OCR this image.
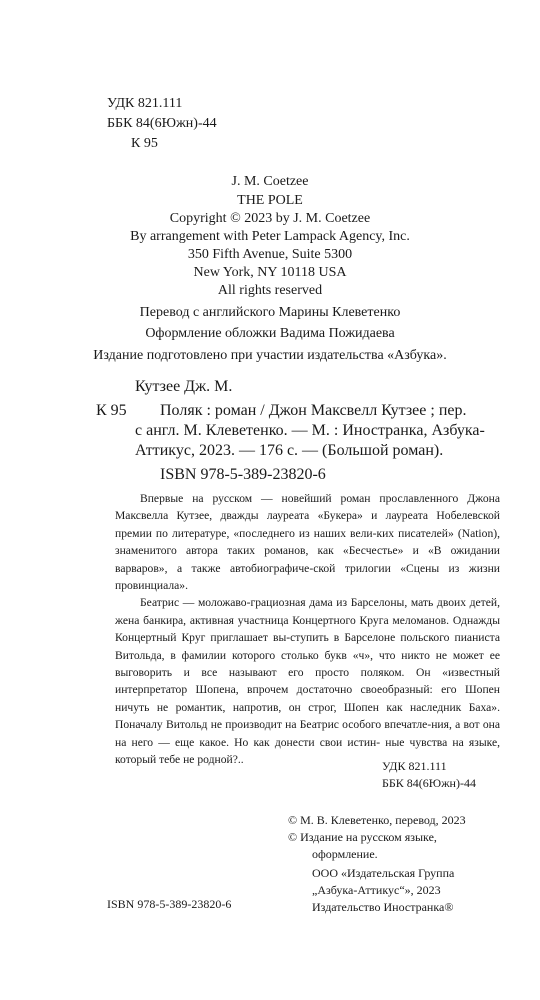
УДК 821.111
ББК 84(6Южн)-44
К 95
J. M. Coetzee
THE POLE
Copyright © 2023 by J. M. Coetzee
By arrangement with Peter Lampack Agency, Inc.
350 Fifth Avenue, Suite 5300
New York, NY 10118 USA
All rights reserved
Перевод с английского Марины Клеветенко
Оформление обложки Вадима Пожидаева
Издание подготовлено при участии издательства «Азбука».
Кутзее Дж. М.
К 95 Поляк : роман / Джон Максвелл Кутзее ; пер.
с англ. М. Клеветенко. — М. : Иностранка, Азбука-
Аттикус, 2023. — 176 с. — (Большой роман).
ISBN 978-5-389-23820-6

Впервые на русском — новейший роман прославленного Джона Максвелла Кутзее, дважды лауреата «Букера» и лауреата Нобелевской премии по литературе, «последнего из наших вели-ких писателей» (Nation), знаменитого автора таких романов, как «Бесчестье» и «В ожидании варваров», а также автобиографиче-ской трилогии «Сцены из жизни провинциала».

Беатрис — моложаво-грациозная дама из Барселоны, мать двоих детей, жена банкира, активная участница Концертного Круга меломанов. Однажды Концертный Круг приглашает вы-ступить в Барселоне польского пианиста Витольда, в фамилии которого столько букв «ч», что никто не может ее выговорить и все называют его просто поляком. Он «известный интерпретатор Шопена, впрочем достаточно своеобразный: его Шопен ничуть не романтик, напротив, он строг, Шопен как наследник Баха». Поначалу Витольд не производит на Беатрис особого впечатле-ния, а вот она на него — еще какое. Но как донести свои истин- ные чувства на языке, который тебе не родной?..	УДК 821.111
ББК 84(6Южн)-44
© М. В. Клеветенко, перевод, 2023
© Издание на русском языке,
оформление.
ООО «Издательская Группа
„Азбука-Аттикус“», 2023
Издательство Иностранка®
ISBN 978-5-389-23820-6
